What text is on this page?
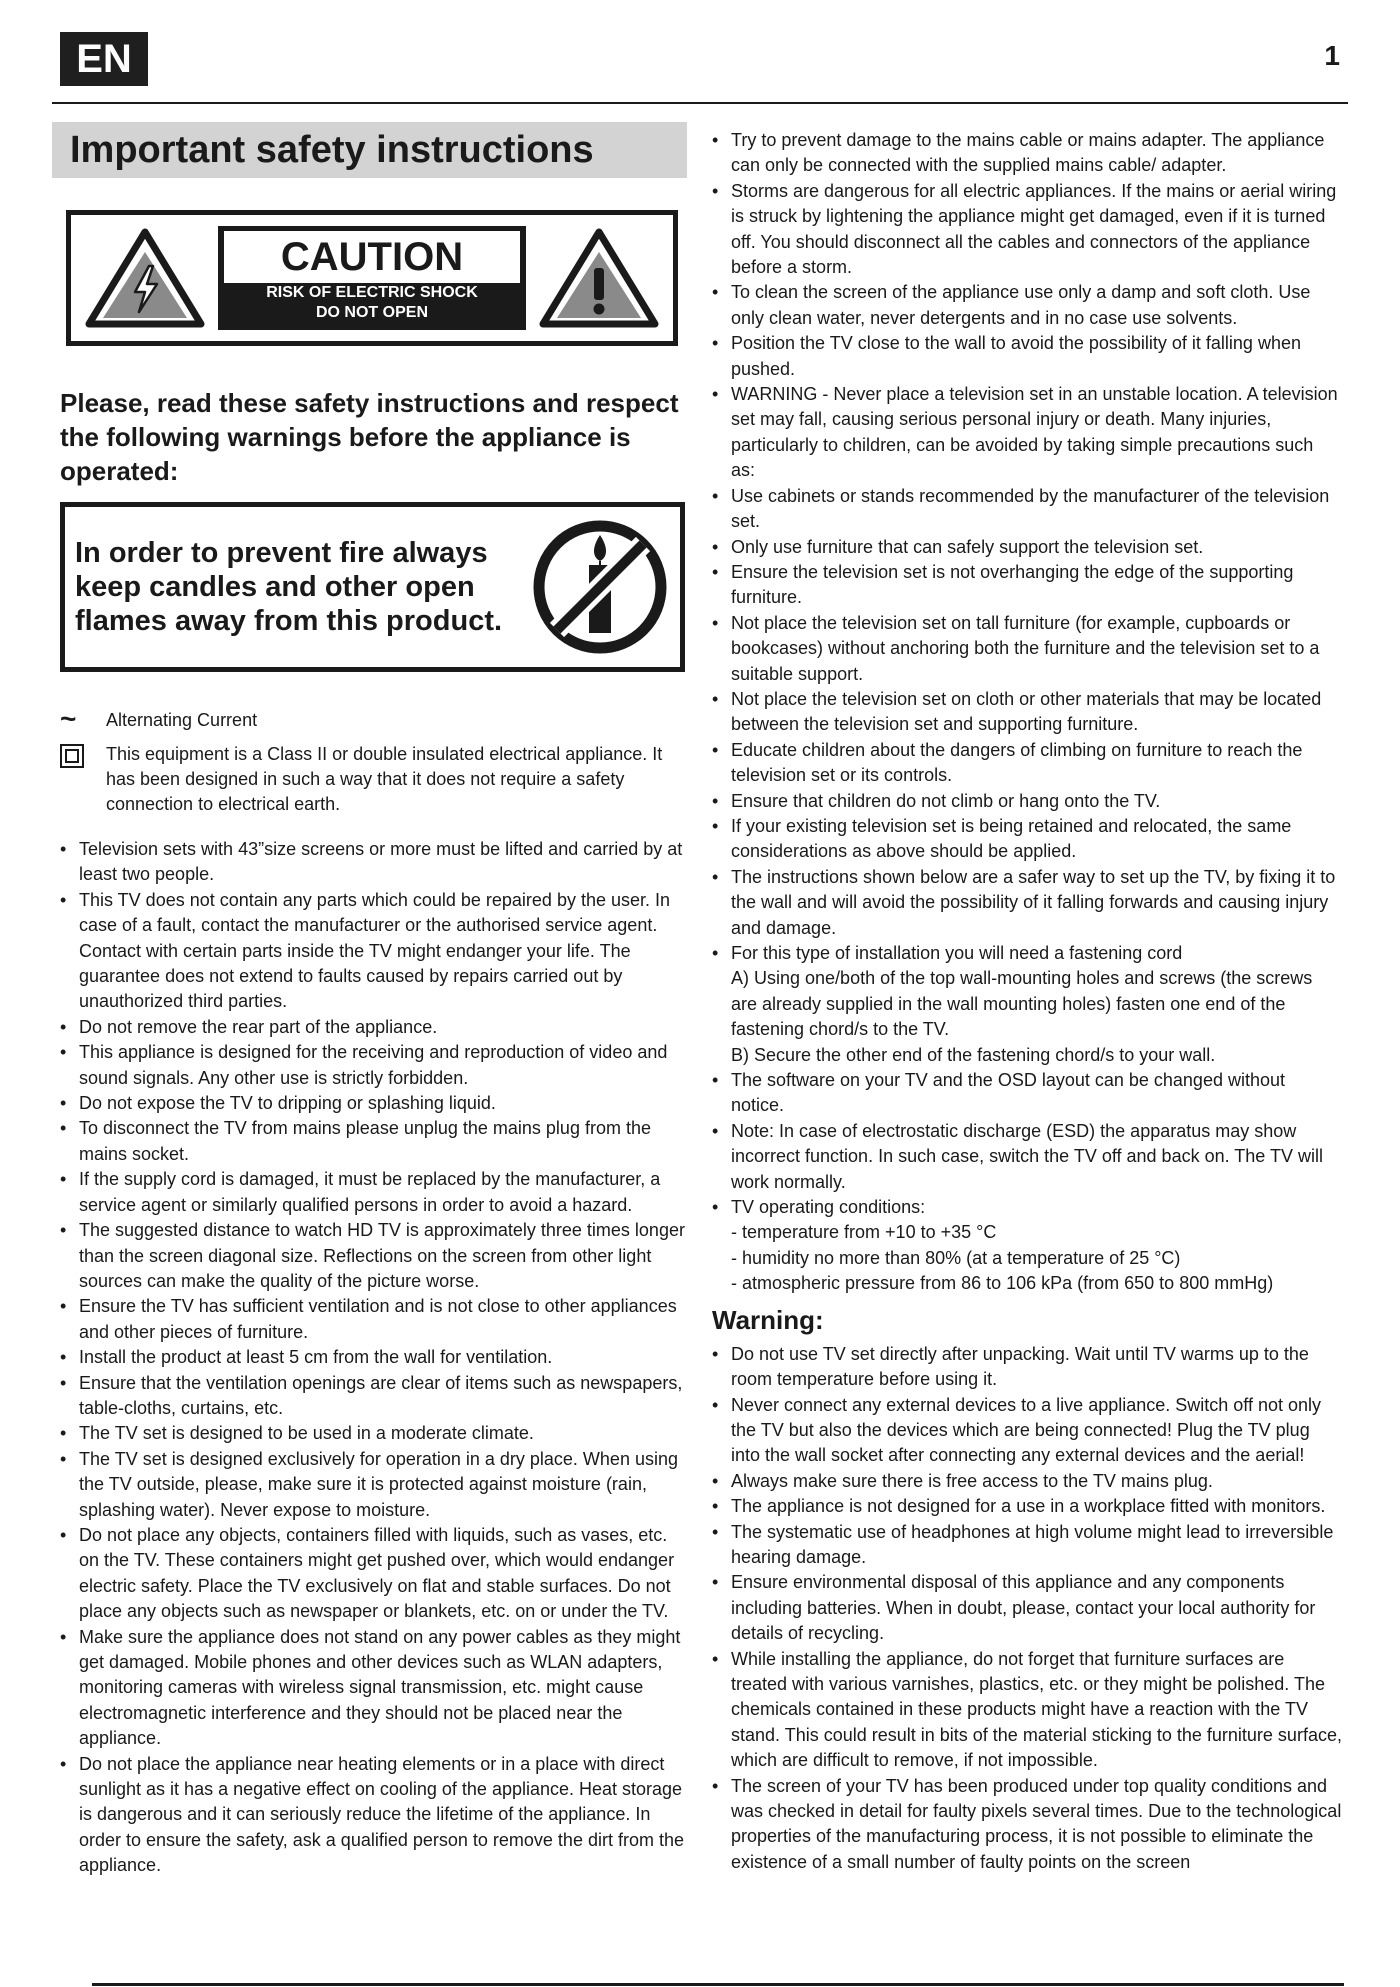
EN	1
Important safety instructions
CAUTION
RISK OF ELECTRIC SHOCK
DO NOT OPEN
Please, read these safety instructions and respect the following warnings before the appliance is operated:
In order to prevent fire always keep candles and other open flames away from this product.
~	Alternating Current
This equipment is a Class II or double insulated electrical appliance. It has been designed in such a way that it does not require a safety connection to electrical earth.
• Television sets with 43”size screens or more must be lifted and carried by at least two people.
• This TV does not contain any parts which could be repaired by the user. In case of a fault, contact the manufacturer or the authorised service agent. Contact with certain parts inside the TV might endanger your life. The guarantee does not extend to faults caused by repairs carried out by unauthorized third parties.
• Do not remove the rear part of the appliance.
• This appliance is designed for the receiving and reproduction of video and sound signals. Any other use is strictly forbidden.
• Do not expose the TV to dripping or splashing liquid.
• To disconnect the TV from mains please unplug the mains plug from the mains socket.
• If the supply cord is damaged, it must be replaced by the manufacturer, a service agent or similarly qualified persons in order to avoid a hazard.
• The suggested distance to watch HD TV is approximately three times longer than the screen diagonal size. Reflections on the screen from other light sources can make the quality of the picture worse.
• Ensure the TV has sufficient ventilation and is not close to other appliances and other pieces of furniture.
• Install the product at least 5 cm from the wall for ventilation.
• Ensure that the ventilation openings are clear of items such as newspapers, table-cloths, curtains, etc.
• The TV set is designed to be used in a moderate climate.
• The TV set is designed exclusively for operation in a dry place. When using the TV outside, please, make sure it is protected against moisture (rain, splashing water). Never expose to moisture.
• Do not place any objects, containers filled with liquids, such as vases, etc. on the TV. These containers might get pushed over, which would endanger electric safety. Place the TV exclusively on flat and stable surfaces. Do not place any objects such as newspaper or blankets, etc. on or under the TV.
• Make sure the appliance does not stand on any power cables as they might get damaged. Mobile phones and other devices such as WLAN adapters, monitoring cameras with wireless signal transmission, etc. might cause electromagnetic interference and they should not be placed near the appliance.
• Do not place the appliance near heating elements or in a place with direct sunlight as it has a negative effect on cooling of the appliance. Heat storage is dangerous and it can seriously reduce the lifetime of the appliance. In order to ensure the safety, ask a qualified person to remove the dirt from the appliance.
• Try to prevent damage to the mains cable or mains adapter. The appliance can only be connected with the supplied mains cable/ adapter.
• Storms are dangerous for all electric appliances. If the mains or aerial wiring is struck by lightening the appliance might get damaged, even if it is turned off. You should disconnect all the cables and connectors of the appliance before a storm.
• To clean the screen of the appliance use only a damp and soft cloth. Use only clean water, never detergents and in no case use solvents.
• Position the TV close to the wall to avoid the possibility of it falling when pushed.
• WARNING - Never place a television set in an unstable location. A television set may fall, causing serious personal injury or death. Many injuries, particularly to children, can be avoided by taking simple precautions such as:
• Use cabinets or stands recommended by the manufacturer of the television set.
• Only use furniture that can safely support the television set.
• Ensure the television set is not overhanging the edge of the supporting furniture.
• Not place the television set on tall furniture (for example, cupboards or bookcases) without anchoring both the furniture and the television set to a suitable support.
• Not place the television set on cloth or other materials that may be located between the television set and supporting furniture.
• Educate children about the dangers of climbing on furniture to reach the television set or its controls.
• Ensure that children do not climb or hang onto the TV.
• If your existing television set is being retained and relocated, the same considerations as above should be applied.
• The instructions shown below are a safer way to set up the TV, by fixing it to the wall and will avoid the possibility of it falling forwards and causing injury and damage.
• For this type of installation you will need a fastening cord
A) Using one/both of the top wall-mounting holes and screws (the screws are already supplied in the wall mounting holes) fasten one end of the fastening chord/s to the TV.
B) Secure the other end of the fastening chord/s to your wall.
• The software on your TV and the OSD layout can be changed without notice.
• Note: In case of electrostatic discharge (ESD) the apparatus may show incorrect function. In such case, switch the TV off and back on. The TV will work normally.
• TV operating conditions:
- temperature from +10 to +35 °C
- humidity no more than 80% (at a temperature of 25 °C)
- atmospheric pressure from 86 to 106 kPa (from 650 to 800 mmHg)
Warning:
• Do not use TV set directly after unpacking. Wait until TV warms up to the room temperature before using it.
• Never connect any external devices to a live appliance. Switch off not only the TV but also the devices which are being connected! Plug the TV plug into the wall socket after connecting any external devices and the aerial!
• Always make sure there is free access to the TV mains plug.
• The appliance is not designed for a use in a workplace fitted with monitors.
• The systematic use of headphones at high volume might lead to irreversible hearing damage.
• Ensure environmental disposal of this appliance and any components including batteries. When in doubt, please, contact your local authority for details of recycling.
• While installing the appliance, do not forget that furniture surfaces are treated with various varnishes, plastics, etc. or they might be polished. The chemicals contained in these products might have a reaction with the TV stand. This could result in bits of the material sticking to the furniture surface, which are difficult to remove, if not impossible.
• The screen of your TV has been produced under top quality conditions and was checked in detail for faulty pixels several times. Due to the technological properties of the manufacturing process, it is not possible to eliminate the existence of a small number of faulty points on the screen
